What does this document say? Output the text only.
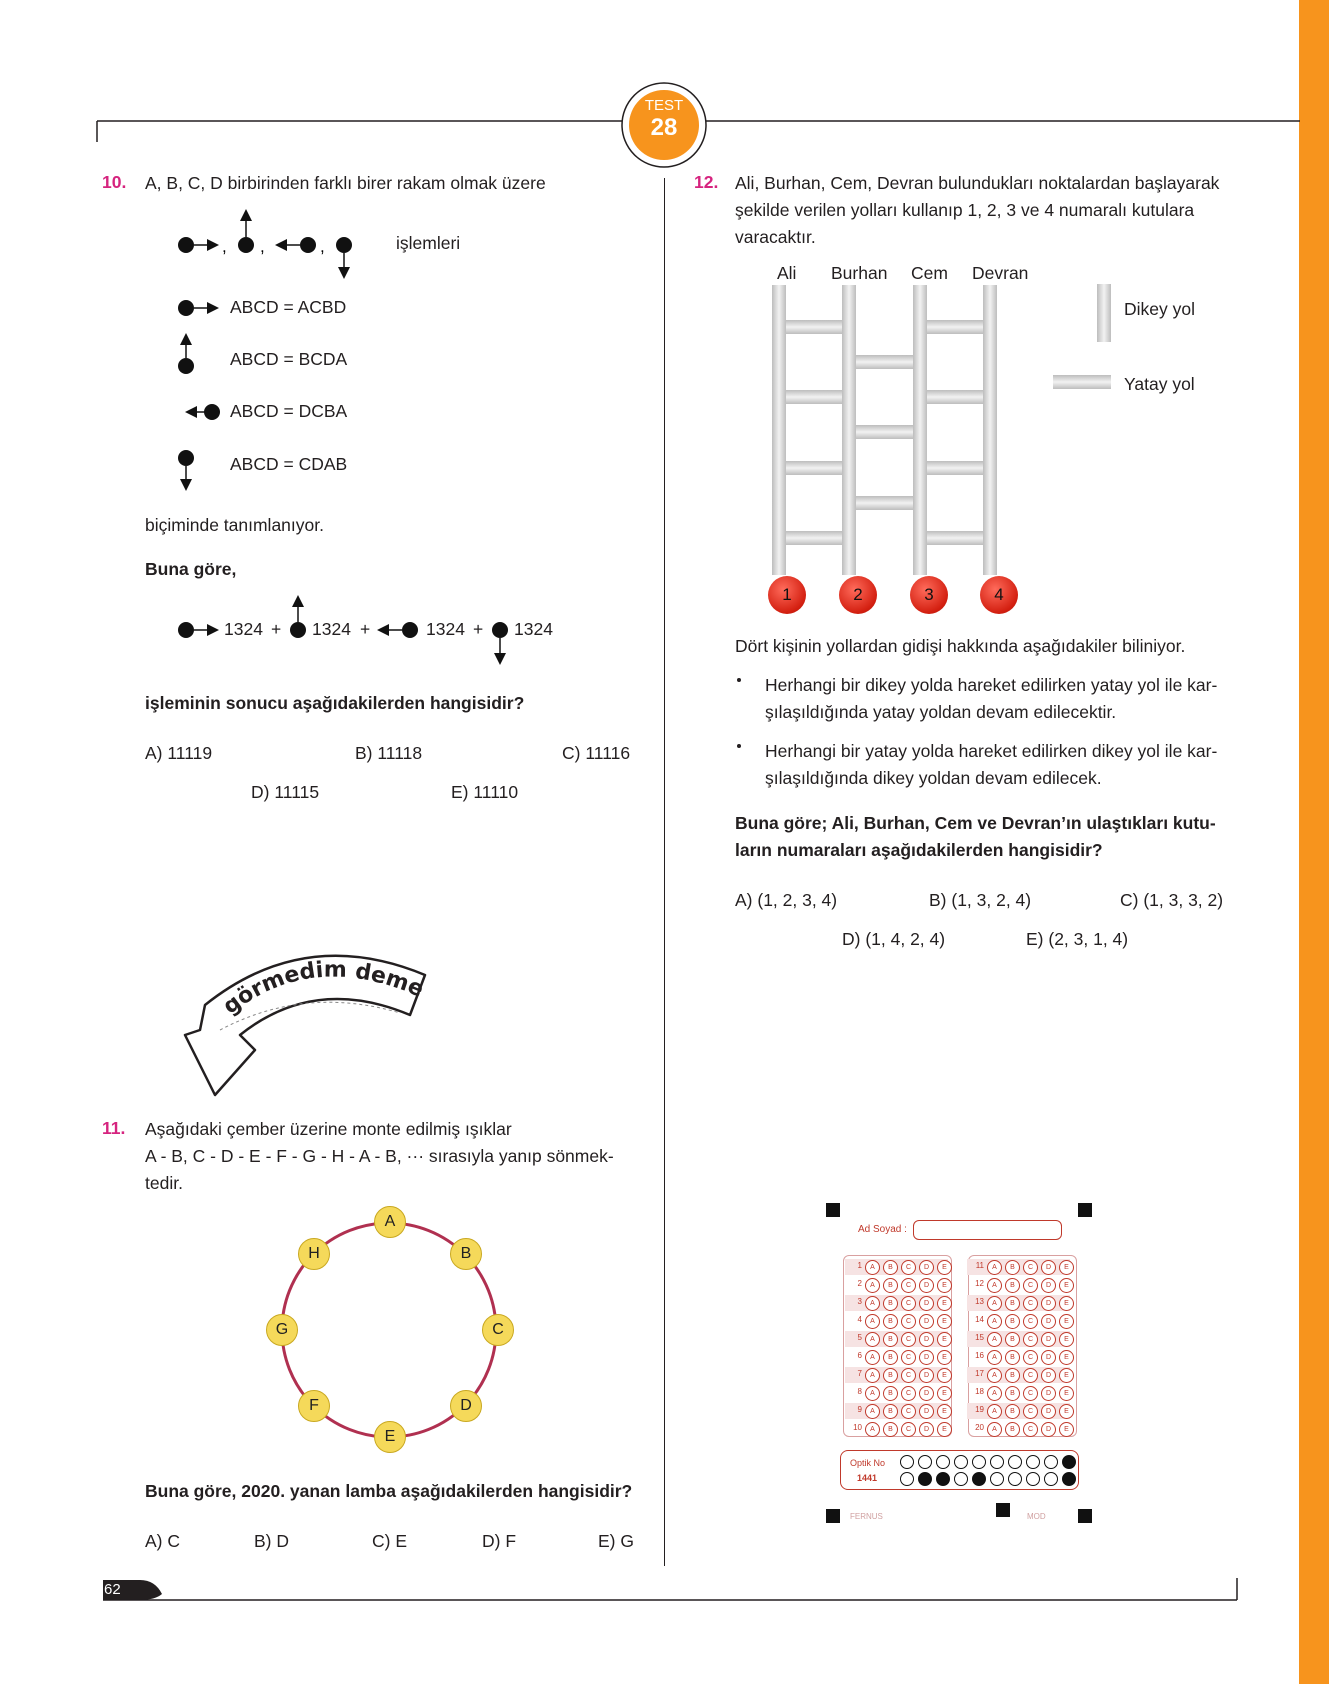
TEST
28
10. A, B, C, D birbirinden farklı birer rakam olmak üzere
, ,	,	işlemleri
ABCD = ACBD
ABCD = BCDA
ABCD = DCBA
ABCD = CDAB
biçiminde tanımlanıyor.
Buna göre,
1324 + 1324 +	1324 + 1324
işleminin sonucu aşağıdakilerden hangisidir?
A) 11119	B) 11118	C) 11116
D) 11115	E) 11110
görmedim deme
11. Aşağıdaki çember üzerine monte edilmiş ışıklar
A - B, C - D - E - F - G - H - A - B, ··· sırasıyla yanıp sönmek-
tedir.
A
B
C
D
E
F
G
H
Buna göre, 2020. yanan lamba aşağıdakilerden hangisidir?
A) C	B) D	C) E	D) F	E) G
12. Ali, Burhan, Cem, Devran bulundukları noktalardan başlayarak
şekilde verilen yolları kullanıp 1, 2, 3 ve 4 numaralı kutulara
varacaktır.
Ali Burhan Cem Devran
1	2	3	4
Dikey yol
Yatay yol
Dört kişinin yollardan gidişi hakkında aşağıdakiler biliniyor.
Herhangi bir dikey yolda hareket edilirken yatay yol ile kar-
şılaşıldığında yatay yoldan devam edilecektir.
Herhangi bir yatay yolda hareket edilirken dikey yol ile kar-
şılaşıldığında dikey yoldan devam edilecek.
Buna göre; Ali, Burhan, Cem ve Devran’ın ulaştıkları kutu-
ların numaraları aşağıdakilerden hangisidir?
A) (1, 2, 3, 4)	B) (1, 3, 2, 4)	C) (1, 3, 3, 2)
D) (1, 4, 2, 4)	E) (2, 3, 1, 4)
Ad Soyad :
1	A	B	C	D	E
2	A	B	C	D	E
3	A	B	C	D	E
4	A	B	C	D	E
5	A	B	C	D	E
6	A	B	C	D	E
7	A	B	C	D	E
8	A	B	C	D	E
9	A	B	C	D	E
10	A	B	C	D	E
11	A	B	C	D	E
12	A	B	C	D	E
13	A	B	C	D	E
14	A	B	C	D	E
15	A	B	C	D	E
16	A	B	C	D	E
17	A	B	C	D	E
18	A	B	C	D	E
19	A	B	C	D	E
20	A	B	C	D	E
Optik No
1441
FERNUS	MOD
62
